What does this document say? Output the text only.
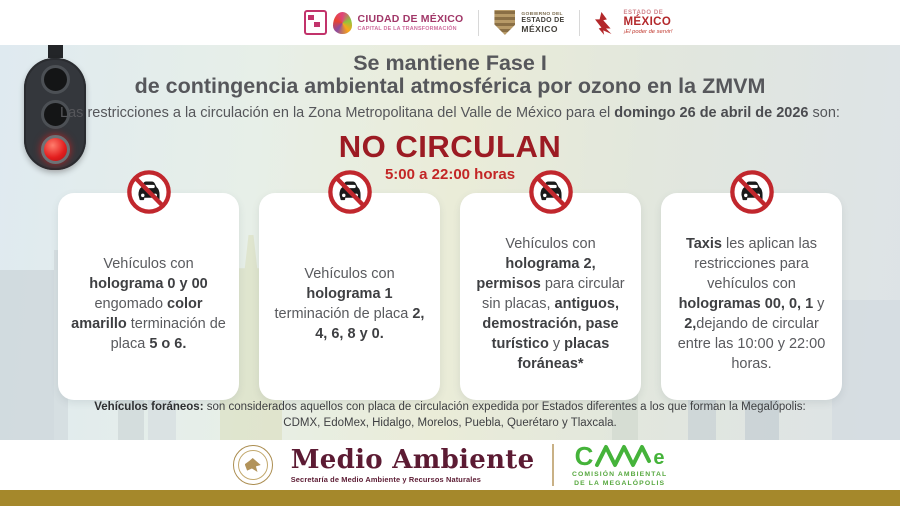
CIUDAD DE MÉXICO
CAPITAL DE LA TRANSFORMACIÓN
GOBIERNO DEL
ESTADO DE
MÉXICO
ESTADO DE
MÉXICO
¡El poder de servir!
Se mantiene Fase I
de contingencia ambiental atmosférica por ozono en la ZMVM
Las restricciones a la circulación en la Zona Metropolitana del Valle de México para el domingo 26 de abril de 2026 son:
NO CIRCULAN
5:00 a 22:00 horas

Vehículos con holograma 0 y 00 engomado color amarillo terminación de placa 5 o 6.

Vehículos con holograma 1 terminación de placa 2, 4, 6, 8 y 0.

Vehículos con holograma 2, permisos para circular sin placas, antiguos, demostración, pase turístico y placas foráneas*

Taxis les aplican las restricciones para vehículos con hologramas 00, 0, 1 y 2,dejando de circular entre las 10:00 y 22:00 horas.

Vehículos foráneos: son considerados aquellos con placa de circulación expedida por Estados diferentes a los que forman la Megalópolis:
CDMX, EdoMex, Hidalgo, Morelos, Puebla, Querétaro y Tlaxcala.
Medio Ambiente
Secretaría de Medio Ambiente y Recursos Naturales
C	e
COMISIÓN AMBIENTAL
DE LA MEGALÓPOLIS
